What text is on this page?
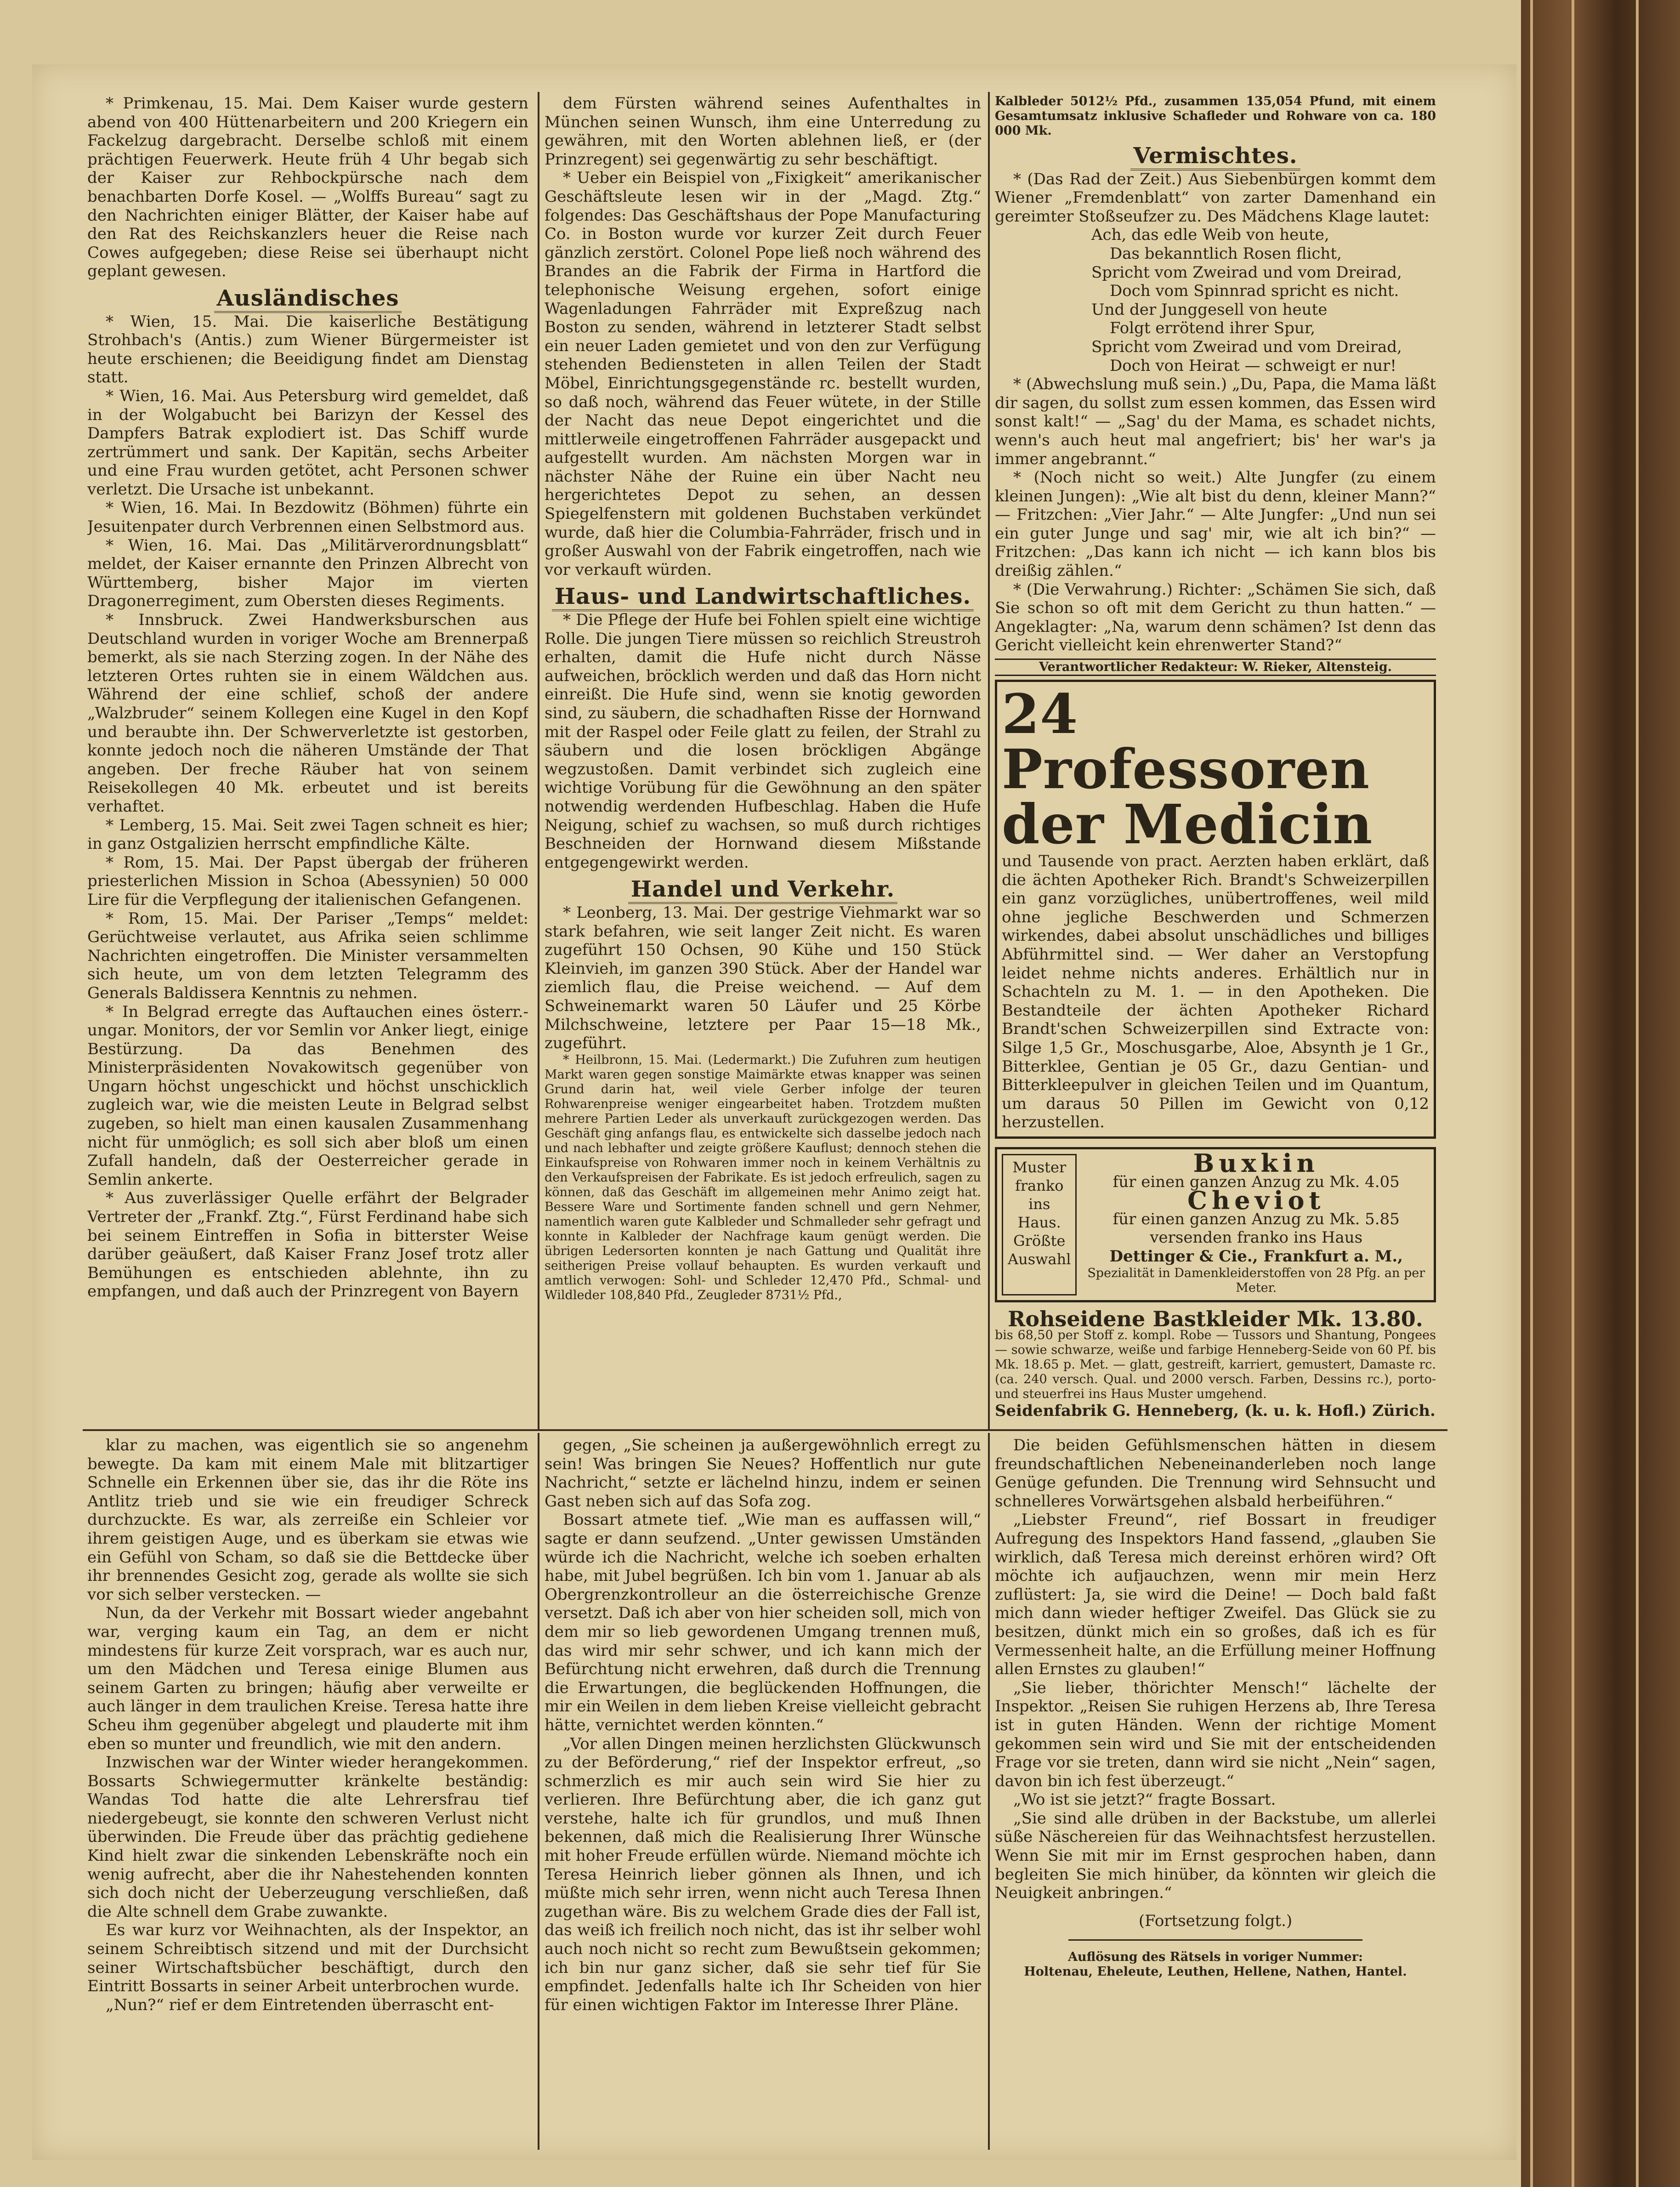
* Primkenau, 15. Mai. Dem Kaiser wurde gestern abend von 400 Hüttenarbeitern und 200 Kriegern ein Fackelzug dargebracht. Derselbe schloß mit einem prächtigen Feuerwerk. Heute früh 4 Uhr begab sich der Kaiser zur Rehbockpürsche nach dem benachbarten Dorfe Kosel. — „Wolffs Bureau“ sagt zu den Nachrichten einiger Blätter, der Kaiser habe auf den Rat des Reichskanzlers heuer die Reise nach Cowes aufgegeben; diese Reise sei überhaupt nicht geplant gewesen.

Ausländisches

* Wien, 15. Mai. Die kaiserliche Bestätigung Strohbach's (Antis.) zum Wiener Bürgermeister ist heute erschienen; die Beeidigung findet am Dienstag statt.

* Wien, 16. Mai. Aus Petersburg wird gemeldet, daß in der Wolgabucht bei Barizyn der Kessel des Dampfers Batrak explodiert ist. Das Schiff wurde zertrümmert und sank. Der Kapitän, sechs Arbeiter und eine Frau wurden getötet, acht Personen schwer verletzt. Die Ursache ist unbekannt.

* Wien, 16. Mai. In Bezdowitz (Böhmen) führte ein Jesuitenpater durch Verbrennen einen Selbstmord aus.

* Wien, 16. Mai. Das „Militärverordnungsblatt“ meldet, der Kaiser ernannte den Prinzen Albrecht von Württemberg, bisher Major im vierten Dragonerregiment, zum Obersten dieses Regiments.

* Innsbruck. Zwei Handwerksburschen aus Deutschland wurden in voriger Woche am Brennerpaß bemerkt, als sie nach Sterzing zogen. In der Nähe des letzteren Ortes ruhten sie in einem Wäldchen aus. Während der eine schlief, schoß der andere „Walzbruder“ seinem Kollegen eine Kugel in den Kopf und beraubte ihn. Der Schwerverletzte ist gestorben, konnte jedoch noch die näheren Umstände der That angeben. Der freche Räuber hat von seinem Reisekollegen 40 Mk. erbeutet und ist bereits verhaftet.

* Lemberg, 15. Mai. Seit zwei Tagen schneit es hier; in ganz Ostgalizien herrscht empfindliche Kälte.

* Rom, 15. Mai. Der Papst übergab der früheren priesterlichen Mission in Schoa (Abessynien) 50 000 Lire für die Verpflegung der italienischen Gefangenen.

* Rom, 15. Mai. Der Pariser „Temps“ meldet: Gerüchtweise verlautet, aus Afrika seien schlimme Nachrichten eingetroffen. Die Minister versammelten sich heute, um von dem letzten Telegramm des Generals Baldissera Kenntnis zu nehmen.

* In Belgrad erregte das Auftauchen eines österr.-ungar. Monitors, der vor Semlin vor Anker liegt, einige Bestürzung. Da das Benehmen des Ministerpräsidenten Novakowitsch gegenüber von Ungarn höchst ungeschickt und höchst unschicklich zugleich war, wie die meisten Leute in Belgrad selbst zugeben, so hielt man einen kausalen Zusammenhang nicht für unmöglich; es soll sich aber bloß um einen Zufall handeln, daß der Oesterreicher gerade in Semlin ankerte.

* Aus zuverlässiger Quelle erfährt der Belgrader Vertreter der „Frankf. Ztg.“, Fürst Ferdinand habe sich bei seinem Eintreffen in Sofia in bitterster Weise darüber geäußert, daß Kaiser Franz Josef trotz aller Bemühungen es entschieden ablehnte, ihn zu empfangen, und daß auch der Prinzregent von Bayern

dem Fürsten während seines Aufenthaltes in München seinen Wunsch, ihm eine Unterredung zu gewähren, mit den Worten ablehnen ließ, er (der Prinzregent) sei gegenwärtig zu sehr beschäftigt.

* Ueber ein Beispiel von „Fixigkeit“ amerikanischer Geschäftsleute lesen wir in der „Magd. Ztg.“ folgendes: Das Geschäftshaus der Pope Manufacturing Co. in Boston wurde vor kurzer Zeit durch Feuer gänzlich zerstört. Colonel Pope ließ noch während des Brandes an die Fabrik der Firma in Hartford die telephonische Weisung ergehen, sofort einige Wagenladungen Fahrräder mit Expreßzug nach Boston zu senden, während in letzterer Stadt selbst ein neuer Laden gemietet und von den zur Verfügung stehenden Bediensteten in allen Teilen der Stadt Möbel, Einrichtungsgegenstände rc. bestellt wurden, so daß noch, während das Feuer wütete, in der Stille der Nacht das neue Depot eingerichtet und die mittlerweile eingetroffenen Fahrräder ausgepackt und aufgestellt wurden. Am nächsten Morgen war in nächster Nähe der Ruine ein über Nacht neu hergerichtetes Depot zu sehen, an dessen Spiegelfenstern mit goldenen Buchstaben verkündet wurde, daß hier die Columbia-Fahrräder, frisch und in großer Auswahl von der Fabrik eingetroffen, nach wie vor verkauft würden.

Haus- und Landwirtschaftliches.

* Die Pflege der Hufe bei Fohlen spielt eine wichtige Rolle. Die jungen Tiere müssen so reichlich Streustroh erhalten, damit die Hufe nicht durch Nässe aufweichen, bröcklich werden und daß das Horn nicht einreißt. Die Hufe sind, wenn sie knotig geworden sind, zu säubern, die schadhaften Risse der Hornwand mit der Raspel oder Feile glatt zu feilen, der Strahl zu säubern und die losen bröckligen Abgänge wegzustoßen. Damit verbindet sich zugleich eine wichtige Vorübung für die Gewöhnung an den später notwendig werdenden Hufbeschlag. Haben die Hufe Neigung, schief zu wachsen, so muß durch richtiges Beschneiden der Hornwand diesem Mißstande entgegengewirkt werden.

Handel und Verkehr.

* Leonberg, 13. Mai. Der gestrige Viehmarkt war so stark befahren, wie seit langer Zeit nicht. Es waren zugeführt 150 Ochsen, 90 Kühe und 150 Stück Kleinvieh, im ganzen 390 Stück. Aber der Handel war ziemlich flau, die Preise weichend. — Auf dem Schweinemarkt waren 50 Läufer und 25 Körbe Milchschweine, letztere per Paar 15—18 Mk., zugeführt.

* Heilbronn, 15. Mai. (Ledermarkt.) Die Zufuhren zum heutigen Markt waren gegen sonstige Maimärkte etwas knapper was seinen Grund darin hat, weil viele Gerber infolge der teuren Rohwarenpreise weniger eingearbeitet haben. Trotzdem mußten mehrere Partien Leder als unverkauft zurückgezogen werden. Das Geschäft ging anfangs flau, es entwickelte sich dasselbe jedoch nach und nach lebhafter und zeigte größere Kauflust; dennoch stehen die Einkaufspreise von Rohwaren immer noch in keinem Verhältnis zu den Verkaufspreisen der Fabrikate. Es ist jedoch erfreulich, sagen zu können, daß das Geschäft im allgemeinen mehr Animo zeigt hat. Bessere Ware und Sortimente fanden schnell und gern Nehmer, namentlich waren gute Kalbleder und Schmalleder sehr gefragt und konnte in Kalbleder der Nachfrage kaum genügt werden. Die übrigen Ledersorten konnten je nach Gattung und Qualität ihre seitherigen Preise vollauf behaupten. Es wurden verkauft und amtlich verwogen: Sohl- und Schleder 12,470 Pfd., Schmal- und Wildleder 108,840 Pfd., Zeugleder 8731½ Pfd.,

Kalbleder 5012½ Pfd., zusammen 135,054 Pfund, mit einem Gesamtumsatz inklusive Schafleder und Rohware von ca. 180 000 Mk.

Vermischtes.

* (Das Rad der Zeit.) Aus Siebenbürgen kommt dem Wiener „Fremdenblatt“ von zarter Damenhand ein gereimter Stoßseufzer zu. Des Mädchens Klage lautet:

Ach, das edle Weib von heute,

Das bekanntlich Rosen flicht,

Spricht vom Zweirad und vom Dreirad,

Doch vom Spinnrad spricht es nicht.

Und der Junggesell von heute

Folgt errötend ihrer Spur,

Spricht vom Zweirad und vom Dreirad,

Doch von Heirat — schweigt er nur!

* (Abwechslung muß sein.) „Du, Papa, die Mama läßt dir sagen, du sollst zum essen kommen, das Essen wird sonst kalt!“ — „Sag' du der Mama, es schadet nichts, wenn's auch heut mal angefriert; bis' her war's ja immer angebrannt.“

* (Noch nicht so weit.) Alte Jungfer (zu einem kleinen Jungen): „Wie alt bist du denn, kleiner Mann?“ — Fritzchen: „Vier Jahr.“ — Alte Jungfer: „Und nun sei ein guter Junge und sag' mir, wie alt ich bin?“ — Fritzchen: „Das kann ich nicht — ich kann blos bis dreißig zählen.“

* (Die Verwahrung.) Richter: „Schämen Sie sich, daß Sie schon so oft mit dem Gericht zu thun hatten.“ — Angeklagter: „Na, warum denn schämen? Ist denn das Gericht vielleicht kein ehrenwerter Stand?“

Verantwortlicher Redakteur: W. Rieker, Altensteig.

24 Professoren der Medicin

und Tausende von pract. Aerzten haben erklärt, daß die ächten Apotheker Rich. Brandt's Schweizerpillen ein ganz vorzügliches, unübertroffenes, weil mild ohne jegliche Beschwerden und Schmerzen wirkendes, dabei absolut unschädliches und billiges Abführmittel sind. — Wer daher an Verstopfung leidet nehme nichts anderes. Erhältlich nur in Schachteln zu M. 1. — in den Apotheken. Die Bestandteile der ächten Apotheker Richard Brandt'schen Schweizerpillen sind Extracte von: Silge 1,5 Gr., Moschusgarbe, Aloe, Absynth je 1 Gr., Bitterklee, Gentian je 05 Gr., dazu Gentian- und Bitterkleepulver in gleichen Teilen und im Quantum, um daraus 50 Pillen im Gewicht von 0,12 herzustellen.

Muster
franko
ins
Haus.
Größte
Auswahl
Buxkin
für einen ganzen Anzug zu Mk. 4.05
Cheviot
für einen ganzen Anzug zu Mk. 5.85 versenden franko ins Haus
Dettinger & Cie., Frankfurt a. M.,
Spezialität in Damenkleiderstoffen von 28 Pfg. an per Meter.
Rohseidene Bastkleider Mk. 13.80.

bis 68,50 per Stoff z. kompl. Robe — Tussors und Shantung, Pongees — sowie schwarze, weiße und farbige Henneberg-Seide von 60 Pf. bis Mk. 18.65 p. Met. — glatt, gestreift, karriert, gemustert, Damaste rc. (ca. 240 versch. Qual. und 2000 versch. Farben, Dessins rc.), porto- und steuerfrei ins Haus Muster umgehend.

Seidenfabrik G. Henneberg, (k. u. k. Hofl.) Zürich.

klar zu machen, was eigentlich sie so angenehm bewegte. Da kam mit einem Male mit blitzartiger Schnelle ein Erkennen über sie, das ihr die Röte ins Antlitz trieb und sie wie ein freudiger Schreck durchzuckte. Es war, als zerreiße ein Schleier vor ihrem geistigen Auge, und es überkam sie etwas wie ein Gefühl von Scham, so daß sie die Bettdecke über ihr brennendes Gesicht zog, gerade als wollte sie sich vor sich selber verstecken. —

Nun, da der Verkehr mit Bossart wieder angebahnt war, verging kaum ein Tag, an dem er nicht mindestens für kurze Zeit vorsprach, war es auch nur, um den Mädchen und Teresa einige Blumen aus seinem Garten zu bringen; häufig aber verweilte er auch länger in dem traulichen Kreise. Teresa hatte ihre Scheu ihm gegenüber abgelegt und plauderte mit ihm eben so munter und freundlich, wie mit den andern.

Inzwischen war der Winter wieder herangekommen. Bossarts Schwiegermutter kränkelte beständig: Wandas Tod hatte die alte Lehrersfrau tief niedergebeugt, sie konnte den schweren Verlust nicht überwinden. Die Freude über das prächtig gediehene Kind hielt zwar die sinkenden Lebenskräfte noch ein wenig aufrecht, aber die ihr Nahestehenden konnten sich doch nicht der Ueberzeugung verschließen, daß die Alte schnell dem Grabe zuwankte.

Es war kurz vor Weihnachten, als der Inspektor, an seinem Schreibtisch sitzend und mit der Durchsicht seiner Wirtschaftsbücher beschäftigt, durch den Eintritt Bossarts in seiner Arbeit unterbrochen wurde.

„Nun?“ rief er dem Eintretenden überrascht ent-

gegen, „Sie scheinen ja außergewöhnlich erregt zu sein! Was bringen Sie Neues? Hoffentlich nur gute Nachricht,“ setzte er lächelnd hinzu, indem er seinen Gast neben sich auf das Sofa zog.

Bossart atmete tief. „Wie man es auffassen will,“ sagte er dann seufzend. „Unter gewissen Umständen würde ich die Nachricht, welche ich soeben erhalten habe, mit Jubel begrüßen. Ich bin vom 1. Januar ab als Obergrenzkontrolleur an die österreichische Grenze versetzt. Daß ich aber von hier scheiden soll, mich von dem mir so lieb gewordenen Umgang trennen muß, das wird mir sehr schwer, und ich kann mich der Befürchtung nicht erwehren, daß durch die Trennung die Erwartungen, die beglückenden Hoffnungen, die mir ein Weilen in dem lieben Kreise vielleicht gebracht hätte, vernichtet werden könnten.“

„Vor allen Dingen meinen herzlichsten Glückwunsch zu der Beförderung,“ rief der Inspektor erfreut, „so schmerzlich es mir auch sein wird Sie hier zu verlieren. Ihre Befürchtung aber, die ich ganz gut verstehe, halte ich für grundlos, und muß Ihnen bekennen, daß mich die Realisierung Ihrer Wünsche mit hoher Freude erfüllen würde. Niemand möchte ich Teresa Heinrich lieber gönnen als Ihnen, und ich müßte mich sehr irren, wenn nicht auch Teresa Ihnen zugethan wäre. Bis zu welchem Grade dies der Fall ist, das weiß ich freilich noch nicht, das ist ihr selber wohl auch noch nicht so recht zum Bewußtsein gekommen; ich bin nur ganz sicher, daß sie sehr tief für Sie empfindet. Jedenfalls halte ich Ihr Scheiden von hier für einen wichtigen Faktor im Interesse Ihrer Pläne.

Die beiden Gefühlsmenschen hätten in diesem freundschaftlichen Nebeneinanderleben noch lange Genüge gefunden. Die Trennung wird Sehnsucht und schnelleres Vorwärtsgehen alsbald herbeiführen.“

„Liebster Freund“, rief Bossart in freudiger Aufregung des Inspektors Hand fassend, „glauben Sie wirklich, daß Teresa mich dereinst erhören wird? Oft möchte ich aufjauchzen, wenn mir mein Herz zuflüstert: Ja, sie wird die Deine! — Doch bald faßt mich dann wieder heftiger Zweifel. Das Glück sie zu besitzen, dünkt mich ein so großes, daß ich es für Vermessenheit halte, an die Erfüllung meiner Hoffnung allen Ernstes zu glauben!“

„Sie lieber, thörichter Mensch!“ lächelte der Inspektor. „Reisen Sie ruhigen Herzens ab, Ihre Teresa ist in guten Händen. Wenn der richtige Moment gekommen sein wird und Sie mit der entscheidenden Frage vor sie treten, dann wird sie nicht „Nein“ sagen, davon bin ich fest überzeugt.“

„Wo ist sie jetzt?“ fragte Bossart.

„Sie sind alle drüben in der Backstube, um allerlei süße Näschereien für das Weihnachtsfest herzustellen. Wenn Sie mit mir im Ernst gesprochen haben, dann begleiten Sie mich hinüber, da könnten wir gleich die Neuigkeit anbringen.“

(Fortsetzung folgt.)

Auflösung des Rätsels in voriger Nummer:

Holtenau, Eheleute, Leuthen, Hellene, Nathen, Hantel.
